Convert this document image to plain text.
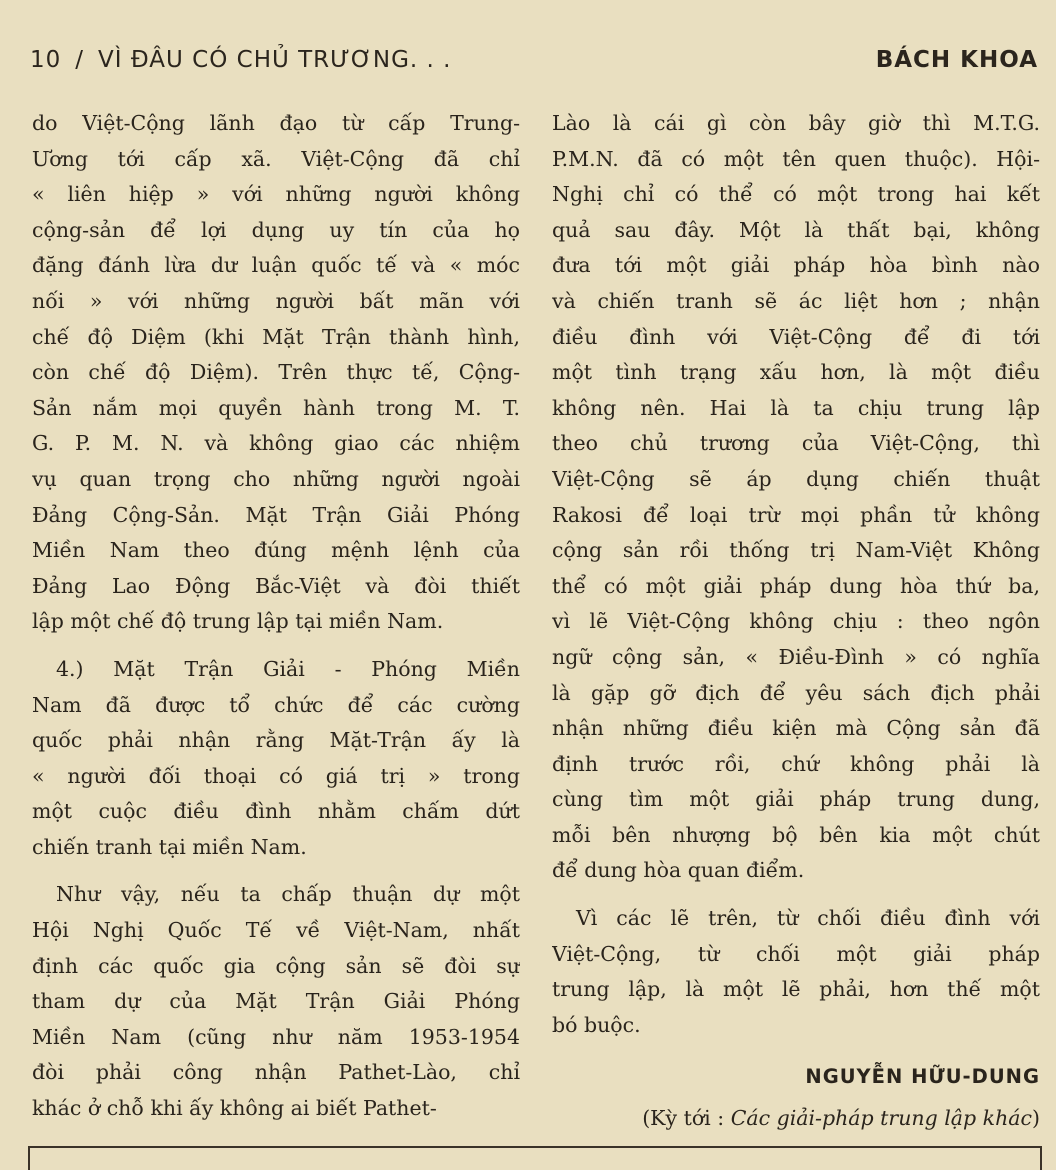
10 / VÌ ĐÂU CÓ CHỦ TRƯƠNG. . .	BÁCH KHOA
do Việt-Cộng lãnh đạo từ cấp Trung-
Ương tới cấp xã. Việt-Cộng đã chỉ
« liên hiệp » với những người không
cộng-sản để lợi dụng uy tín của họ
đặng đánh lừa dư luận quốc tế và « móc
nối » với những người bất mãn với
chế độ Diệm (khi Mặt Trận thành hình,
còn chế độ Diệm). Trên thực tế, Cộng-
Sản nắm mọi quyền hành trong M. T.
G. P. M. N. và không giao các nhiệm
vụ quan trọng cho những người ngoài
Đảng Cộng-Sản. Mặt Trận Giải Phóng
Miền Nam theo đúng mệnh lệnh của
Đảng Lao Động Bắc-Việt và đòi thiết
lập một chế độ trung lập tại miền Nam.
4.) Mặt Trận Giải - Phóng Miền
Nam đã được tổ chức để các cường
quốc phải nhận rằng Mặt-Trận ấy là
« người đối thoại có giá trị » trong
một cuộc điều đình nhằm chấm dứt
chiến tranh tại miền Nam.
Như vậy, nếu ta chấp thuận dự một
Hội Nghị Quốc Tế về Việt-Nam, nhất
định các quốc gia cộng sản sẽ đòi sự
tham dự của Mặt Trận Giải Phóng
Miền Nam (cũng như năm 1953-1954
đòi phải công nhận Pathet-Lào, chỉ
khác ở chỗ khi ấy không ai biết Pathet-
Lào là cái gì còn bây giờ thì M.T.G.
P.M.N. đã có một tên quen thuộc). Hội-
Nghị chỉ có thể có một trong hai kết
quả sau đây. Một là thất bại, không
đưa tới một giải pháp hòa bình nào
và chiến tranh sẽ ác liệt hơn ; nhận
điều đình với Việt-Cộng để đi tới
một tình trạng xấu hơn, là một điều
không nên. Hai là ta chịu trung lập
theo chủ trương của Việt-Cộng, thì
Việt-Cộng sẽ áp dụng chiến thuật
Rakosi để loại trừ mọi phần tử không
cộng sản rồi thống trị Nam-Việt Không
thể có một giải pháp dung hòa thứ ba,
vì lẽ Việt-Cộng không chịu : theo ngôn
ngữ cộng sản, « Điều-Đình » có nghĩa
là gặp gỡ địch để yêu sách địch phải
nhận những điều kiện mà Cộng sản đã
định trước rồi, chứ không phải là
cùng tìm một giải pháp trung dung,
mỗi bên nhượng bộ bên kia một chút
để dung hòa quan điểm.
Vì các lẽ trên, từ chối điều đình với
Việt-Cộng, từ chối một giải pháp
trung lập, là một lẽ phải, hơn thế một
bó buộc.
NGUYỄN HỮU-DUNG
(Kỳ tới : Các giải-pháp trung lập khác)
